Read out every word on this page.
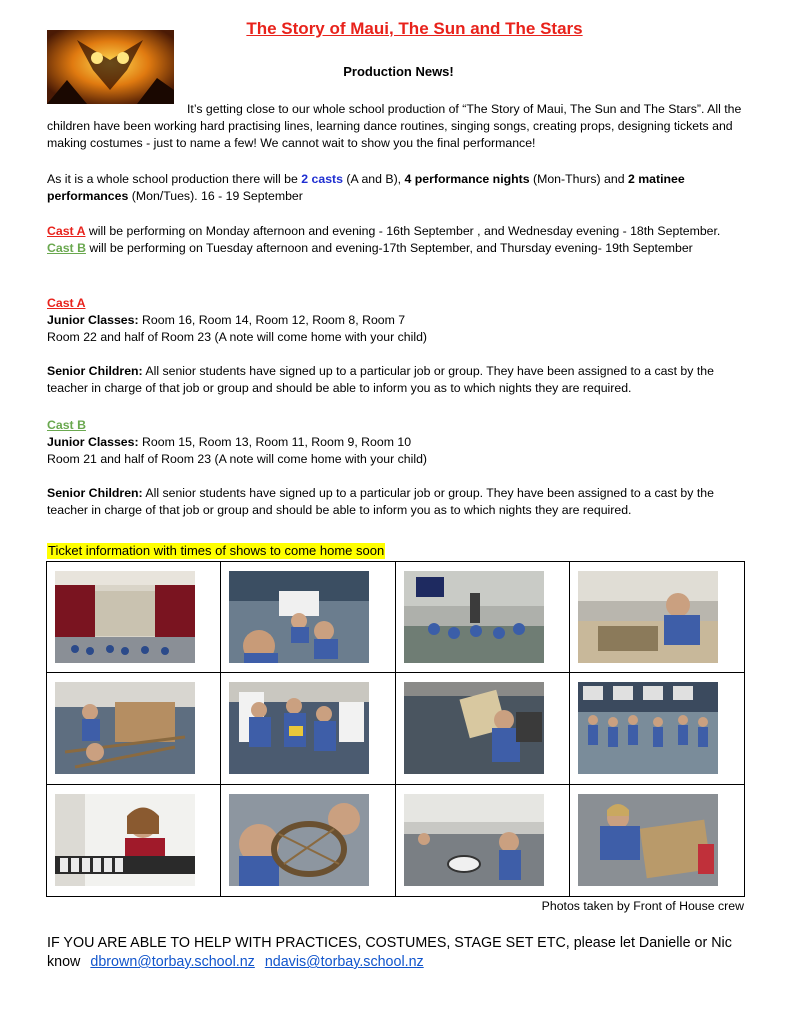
The Story of Maui, The Sun and The Stars
Production News!
It’s getting close to our whole school production of “The Story of Maui, The Sun and The Stars”. All the children have been working hard practising lines, learning dance routines, singing songs, creating props, designing tickets and making costumes - just to name a few! We cannot wait to show you the final performance!
As it is a whole school production there will be 2 casts (A and B), 4 performance nights (Mon-Thurs) and 2 matinee performances (Mon/Tues). 16 - 19 September
Cast A will be performing on Monday afternoon and evening - 16th September , and Wednesday evening - 18th September.
Cast B will be performing on Tuesday afternoon and evening-17th September, and Thursday evening- 19th September
Cast A
Junior Classes: Room 16, Room 14, Room 12, Room 8, Room 7
Room 22 and half of Room 23 (A note will come home with your child)
Senior Children: All senior students have signed up to a particular job or group. They have been assigned to a cast by the teacher in charge of that job or group and should be able to inform you as to which nights they are required.
Cast B
Junior Classes: Room 15, Room 13, Room 11, Room 9, Room 10
Room 21 and half of Room 23 (A note will come home with your child)
Senior Children: All senior students have signed up to a particular job or group. They have been assigned to a cast by the teacher in charge of that job or group and should be able to inform you as to which nights they are required.
Ticket information with times of shows to come home soon
Photos taken by Front of House crew
IF YOU ARE ABLE TO HELP WITH PRACTICES, COSTUMES, STAGE SET ETC, please let Danielle or Nic know dbrown@torbay.school.nz ndavis@torbay.school.nz
